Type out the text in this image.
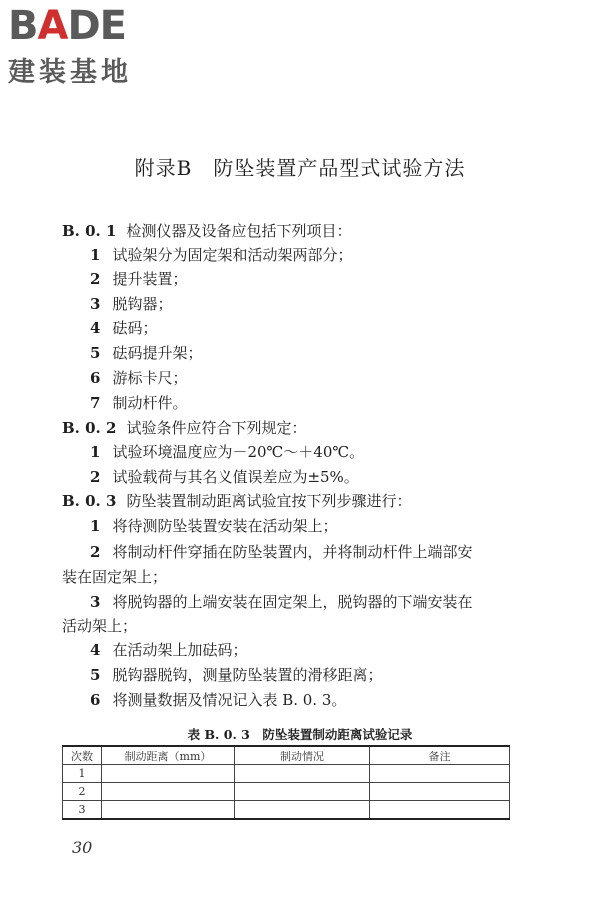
BADE
建装基地
附录B　防坠装置产品型式试验方法
B. 0. 1 检测仪器及设备应包括下列项目：
1 试验架分为固定架和活动架两部分；
2 提升装置；
3 脱钩器；
4 砝码；
5 砝码提升架；
6 游标卡尺；
7 制动杆件。
B. 0. 2 试验条件应符合下列规定：
1 试验环境温度应为－20℃～＋40℃。
2 试验载荷与其名义值误差应为±5%。
B. 0. 3 防坠装置制动距离试验宜按下列步骤进行：
1 将待测防坠装置安装在活动架上；
2 将制动杆件穿插在防坠装置内，并将制动杆件上端部安
装在固定架上；
3 将脱钩器的上端安装在固定架上，脱钩器的下端安装在
活动架上；
4 在活动架上加砝码；
5 脱钩器脱钩，测量防坠装置的滑移距离；
6 将测量数据及情况记入表 B. 0. 3。
表 B. 0. 3　防坠装置制动距离试验记录
次数	制动距离（mm）	制动情况	备注
1			
2			
3			
30
